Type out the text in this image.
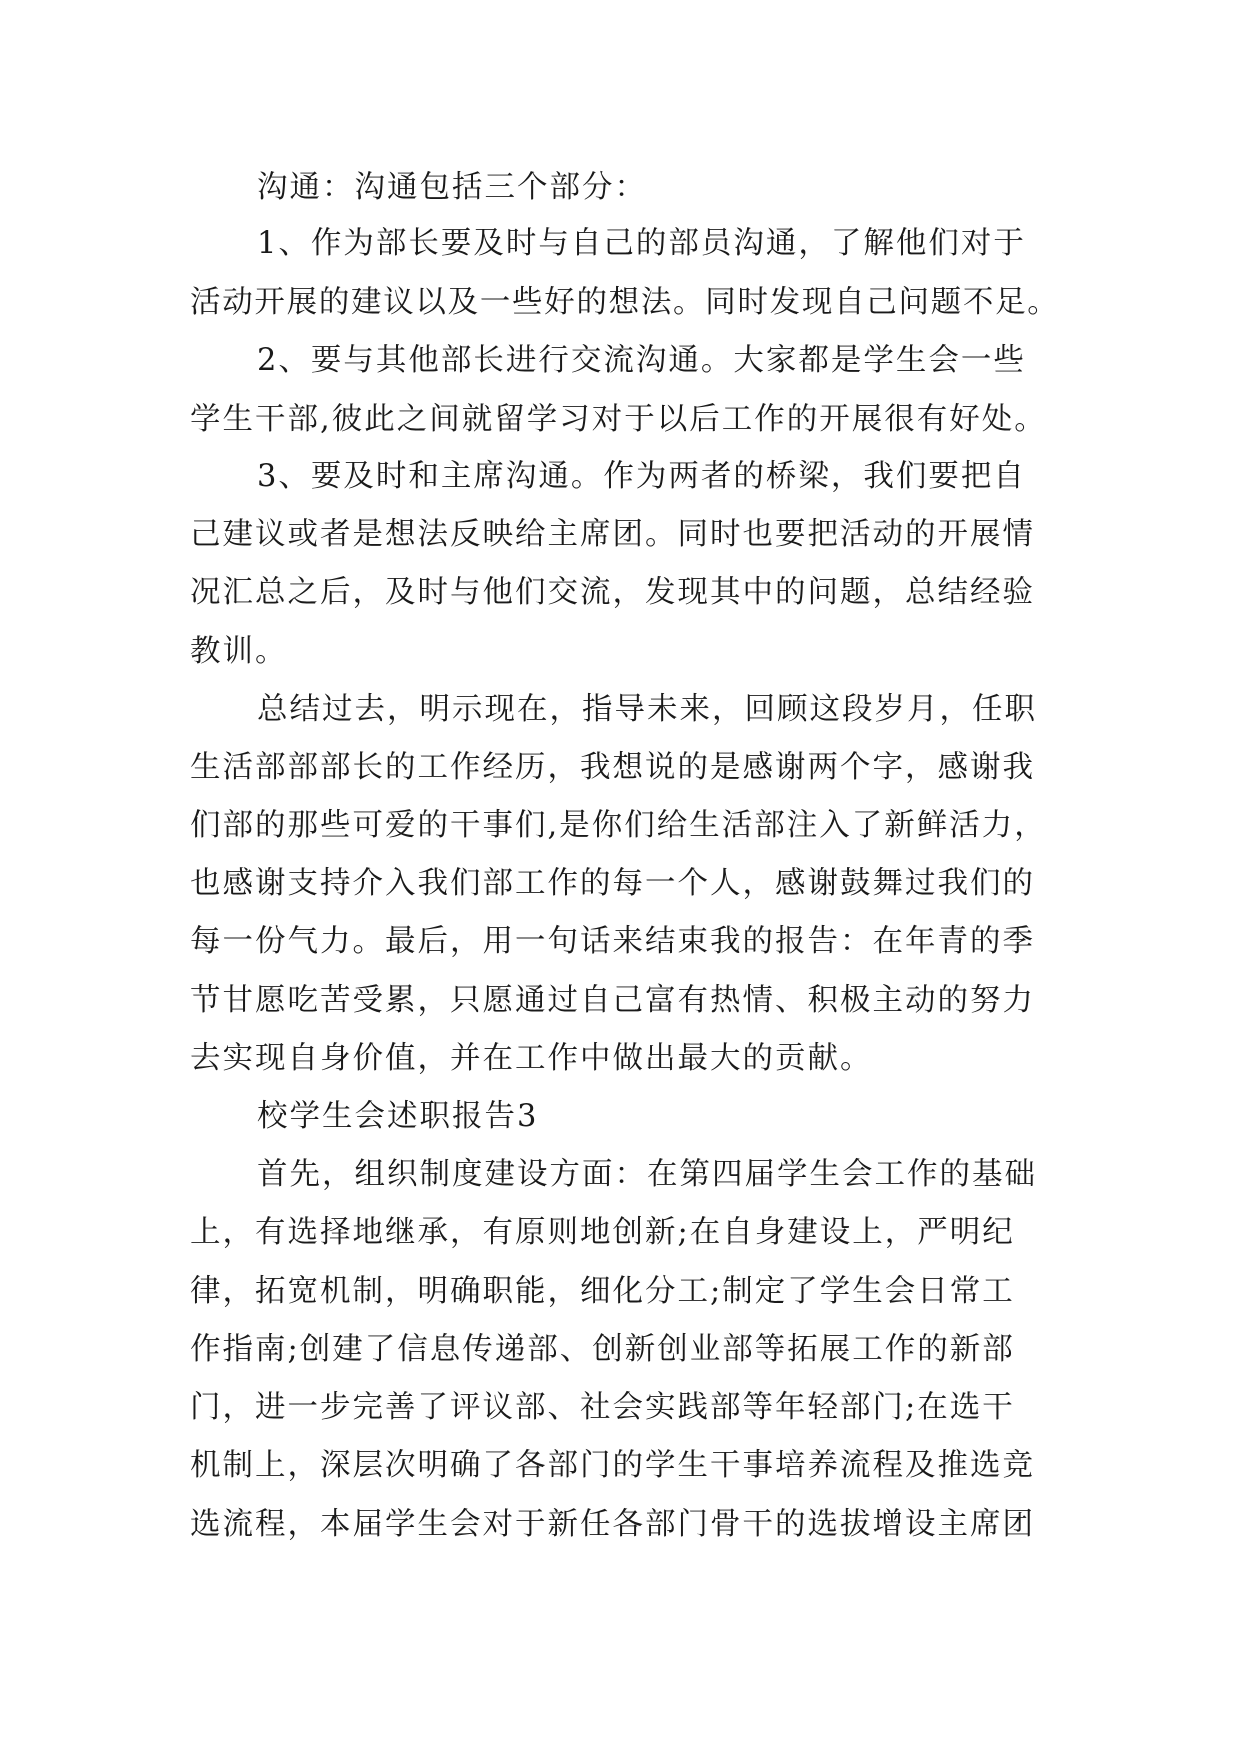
沟通：沟通包括三个部分：
1、作为部长要及时与自己的部员沟通，了解他们对于
活动开展的建议以及一些好的想法。同时发现自己问题不足。
2、要与其他部长进行交流沟通。大家都是学生会一些
学生干部,彼此之间就留学习对于以后工作的开展很有好处。
3、要及时和主席沟通。作为两者的桥梁，我们要把自
己建议或者是想法反映给主席团。同时也要把活动的开展情
况汇总之后，及时与他们交流，发现其中的问题，总结经验
教训。
总结过去，明示现在，指导未来，回顾这段岁月，任职
生活部部部长的工作经历，我想说的是感谢两个字，感谢我
们部的那些可爱的干事们,是你们给生活部注入了新鲜活力，
也感谢支持介入我们部工作的每一个人，感谢鼓舞过我们的
每一份气力。最后，用一句话来结束我的报告：在年青的季
节甘愿吃苦受累，只愿通过自己富有热情、积极主动的努力
去实现自身价值，并在工作中做出最大的贡献。
校学生会述职报告3
首先，组织制度建设方面：在第四届学生会工作的基础
上，有选择地继承，有原则地创新;在自身建设上，严明纪
律，拓宽机制，明确职能，细化分工;制定了学生会日常工
作指南;创建了信息传递部、创新创业部等拓展工作的新部
门，进一步完善了评议部、社会实践部等年轻部门;在选干
机制上，深层次明确了各部门的学生干事培养流程及推选竞
选流程，本届学生会对于新任各部门骨干的选拔增设主席团
